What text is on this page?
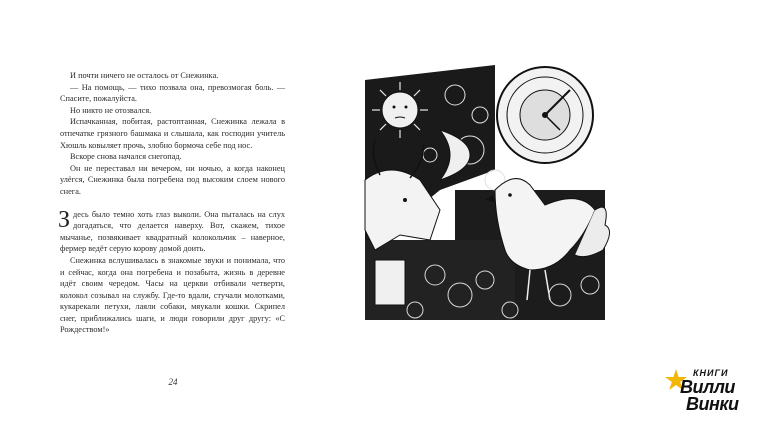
И почти ничего не осталось от Снежинка.

— На помощь, — тихо позвала она, превозмогая боль. — Спасите, пожалуйста.

Но никто не отозвался.

Испачканная, побитая, растоптанная, Снежинка лежала в отпечатке грязного башмака и слышала, как господин учитель Хюшль ковыляет прочь, злобно бормоча себе под нос.

Вскоре снова начался снегопад.

Он не переставал ни вечером, ни ночью, а когда наконец улёгся, Снежинка была погребена под высоким слоем нового снега.

Здесь было темно хоть глаз выколи. Она пыталась на слух догадаться, что делается наверху. Вот, скажем, тихое мычанье, позвякивает квадратный колокольчик – наверное, фермер ведёт серую корову домой доить.

Снежинка вслушивалась в знакомые звуки и понимала, что и сейчас, когда она погребена и позабыта, жизнь в деревне идёт своим чередом. Часы на церкви отбивали четверти, колокол созывал на службу. Где-то вдали, стучали молотками, кукарекали петухи, лаяли собаки, мяукали кошки. Скрипел снег, приближались шаги, и люди говорили друг другу: «С Рождеством!»

24
КНИГИ
Вилли
Винки
